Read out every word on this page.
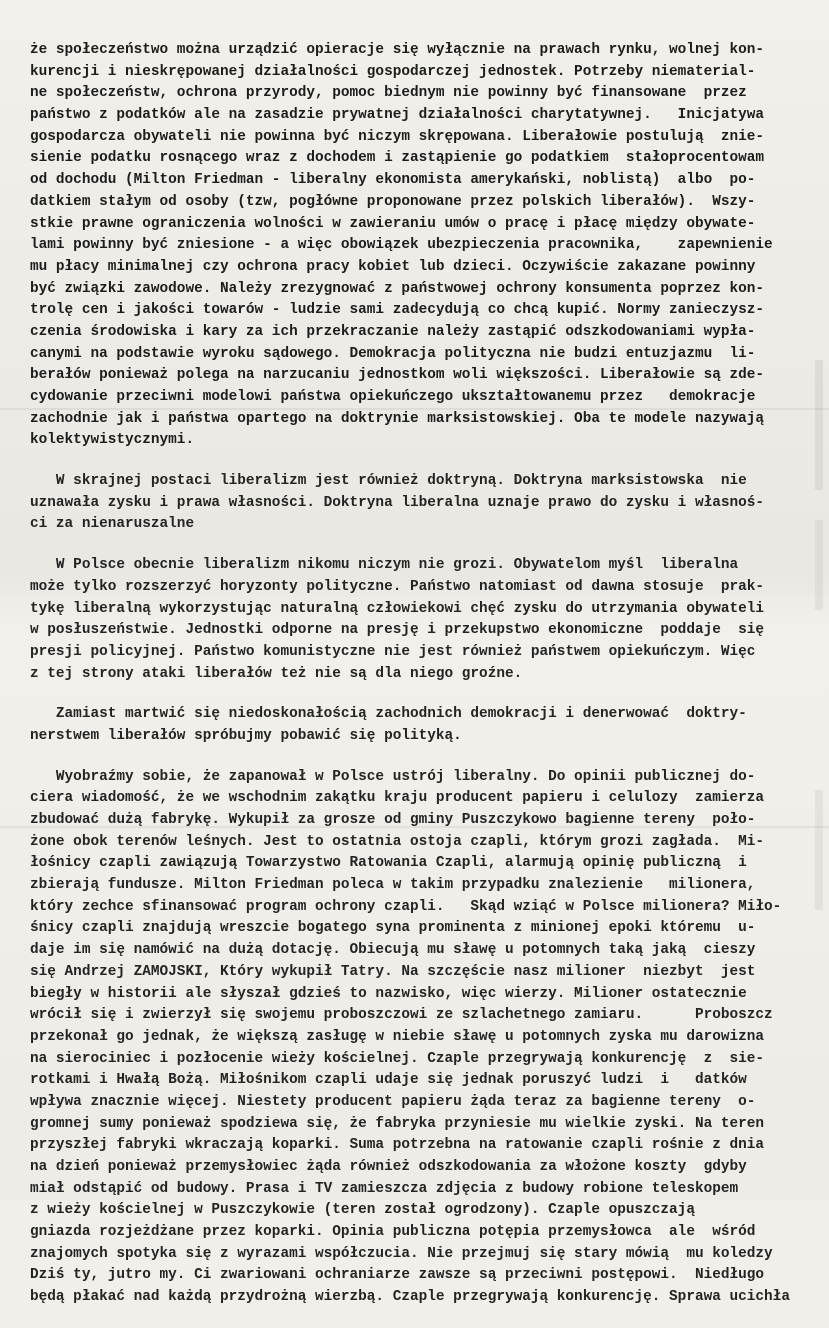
że społeczeństwo można urządzić opieracje się wyłącznie na prawach rynku, wolnej kon-
kurencji i nieskrępowanej działalności gospodarczej jednostek. Potrzeby niematerial-
ne społeczeństw, ochrona przyrody, pomoc biednym nie powinny być finansowane  przez
państwo z podatków ale na zasadzie prywatnej działalności charytatywnej.   Inicjatywa
gospodarcza obywateli nie powinna być niczym skrępowana. Liberałowie postulują  znie-
sienie podatku rosnącego wraz z dochodem i zastąpienie go podatkiem  stałoprocentowam
od dochodu (Milton Friedman - liberalny ekonomista amerykański, noblistą)  albo  po-
datkiem stałym od osoby (tzw, pogłówne proponowane przez polskich liberałów).  Wszy-
stkie prawne ograniczenia wolności w zawieraniu umów o pracę i płacę między obywate-
lami powinny być zniesione - a więc obowiązek ubezpieczenia pracownika,    zapewnienie
mu płacy minimalnej czy ochrona pracy kobiet lub dzieci. Oczywiście zakazane powinny
być związki zawodowe. Należy zrezygnować z państwowej ochrony konsumenta poprzez kon-
trolę cen i jakości towarów - ludzie sami zadecydują co chcą kupić. Normy zanieczysz-
czenia środowiska i kary za ich przekraczanie należy zastąpić odszkodowaniami wypła-
canymi na podstawie wyroku sądowego. Demokracja polityczna nie budzi entuzjazmu  li-
berałów ponieważ polega na narzucaniu jednostkom woli większości. Liberałowie są zde-
cydowanie przeciwni modelowi państwa opiekuńczego ukształtowanemu przez   demokracje
zachodnie jak i państwa opartego na doktrynie marksistowskiej. Oba te modele nazywają
kolektywistycznymi.
W skrajnej postaci liberalizm jest również doktryną. Doktryna marksistowska  nie
uznawała zysku i prawa własności. Doktryna liberalna uznaje prawo do zysku i własnoś-
ci za nienaruszalne
W Polsce obecnie liberalizm nikomu niczym nie grozi. Obywatelom myśl  liberalna
może tylko rozszerzyć horyzonty polityczne. Państwo natomiast od dawna stosuje  prak-
tykę liberalną wykorzystując naturalną człowiekowi chęć zysku do utrzymania obywateli
w posłuszeństwie. Jednostki odporne na presję i przekupstwo ekonomiczne  poddaje  się
presji policyjnej. Państwo komunistyczne nie jest również państwem opiekuńczym. Więc
z tej strony ataki liberałów też nie są dla niego groźne.
Zamiast martwić się niedoskonałością zachodnich demokracji i denerwować  doktry-
nerstwem liberałów spróbujmy pobawić się polityką.
Wyobraźmy sobie, że zapanował w Polsce ustrój liberalny. Do opinii publicznej do-
ciera wiadomość, że we wschodnim zakątku kraju producent papieru i celulozy  zamierza
zbudować dużą fabrykę. Wykupił za grosze od gminy Puszczykowo bagienne tereny  poło-
żone obok terenów leśnych. Jest to ostatnia ostoja czapli, którym grozi zagłada.  Mi-
łośnicy czapli zawiązują Towarzystwo Ratowania Czapli, alarmują opinię publiczną  i
zbierają fundusze. Milton Friedman poleca w takim przypadku znalezienie   milionera,
który zechce sfinansować program ochrony czapli.   Skąd wziąć w Polsce milionera? Miło-
śnicy czapli znajdują wreszcie bogatego syna prominenta z minionej epoki któremu  u-
daje im się namówić na dużą dotację. Obiecują mu sławę u potomnych taką jaką  cieszy
się Andrzej ZAMOJSKI, Który wykupił Tatry. Na szczęście nasz milioner  niezbyt  jest
biegły w historii ale słyszał gdzieś to nazwisko, więc wierzy. Milioner ostatecznie
wrócił się i zwierzył się swojemu proboszczowi ze szlachetnego zamiaru.      Proboszcz
przekonał go jednak, że większą zasługę w niebie sławę u potomnych zyska mu darowizna
na sierociniec i pozłocenie wieży kościelnej. Czaple przegrywają konkurencję  z  sie-
rotkami i Hwałą Bożą. Miłośnikom czapli udaje się jednak poruszyć ludzi  i   datków
wpływa znacznie więcej. Niestety producent papieru żąda teraz za bagienne tereny  o-
gromnej sumy ponieważ spodziewa się, że fabryka przyniesie mu wielkie zyski. Na teren
przyszłej fabryki wkraczają koparki. Suma potrzebna na ratowanie czapli rośnie z dnia
na dzień ponieważ przemysłowiec żąda również odszkodowania za włożone koszty  gdyby
miał odstąpić od budowy. Prasa i TV zamieszcza zdjęcia z budowy robione teleskopem
z wieży kościelnej w Puszczykowie (teren został ogrodzony). Czaple opuszczają
gniazda rozjeżdżane przez koparki. Opinia publiczna potępia przemysłowca  ale  wśród
znajomych spotyka się z wyrazami współczucia. Nie przejmuj się stary mówią  mu koledzy
Dziś ty, jutro my. Ci zwariowani ochraniarze zawsze są przeciwni postępowi.  Niedługo
będą płakać nad każdą przydrożną wierzbą. Czaple przegrywają konkurencję. Sprawa ucichła
